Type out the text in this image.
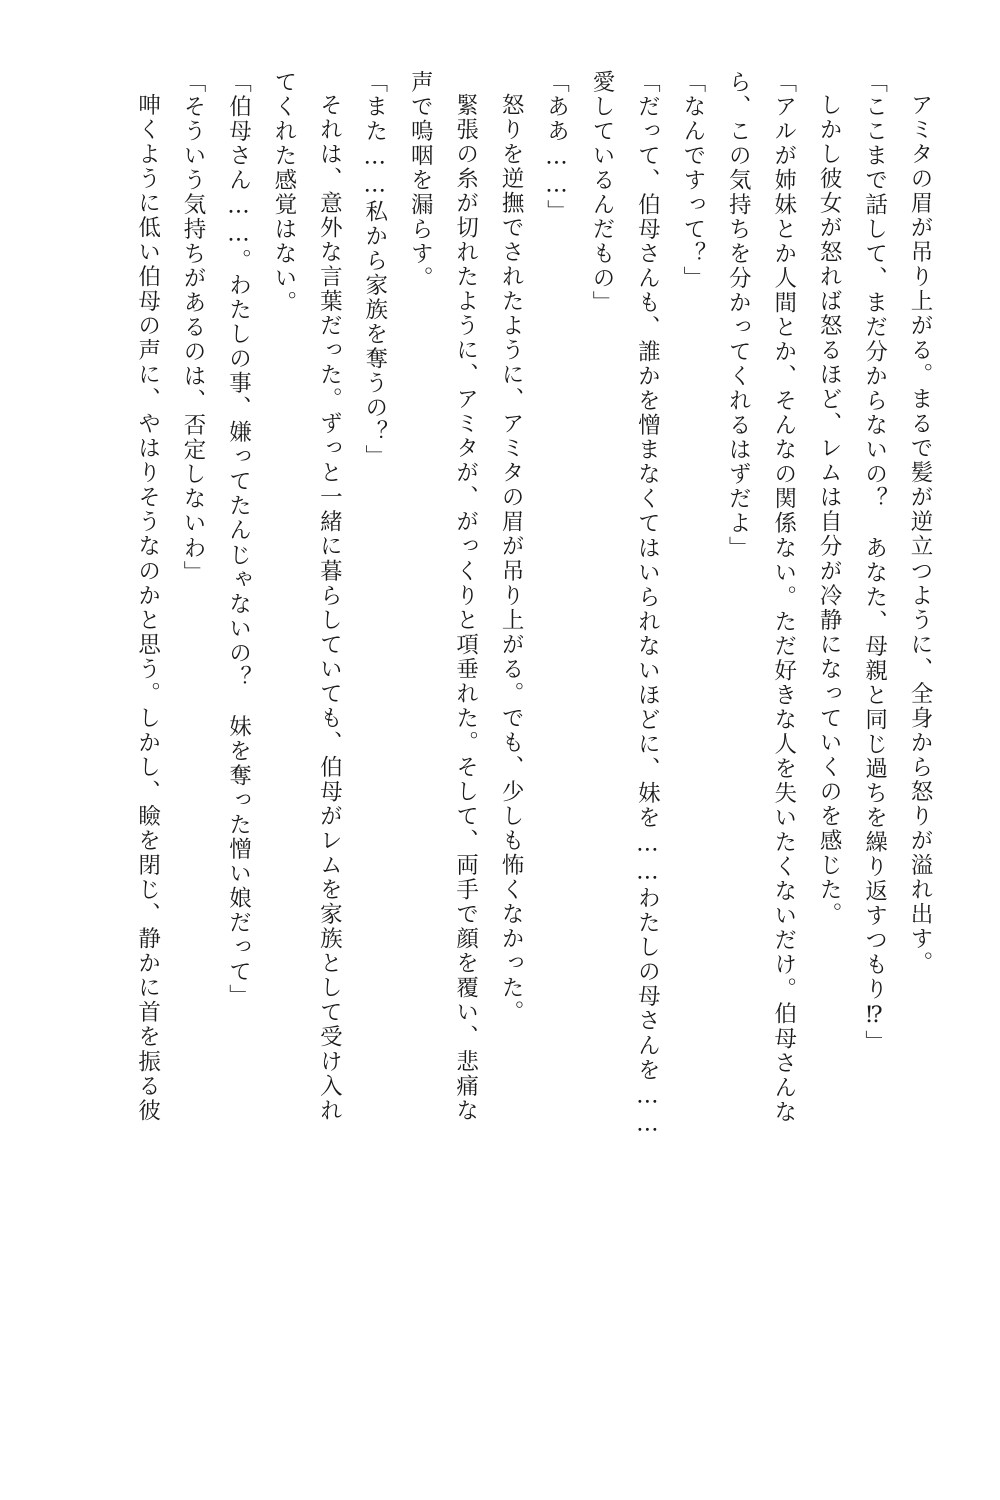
アミタの眉が吊り上がる。まるで髪が逆立つように、全身から怒りが溢れ出す。

「ここまで話して、まだ分からないの？　あなた、母親と同じ過ちを繰り返すつもり⁉」

しかし彼女が怒れば怒るほど、レムは自分が冷静になっていくのを感じた。

「アルが姉妹とか人間とか、そんなの関係ない。ただ好きな人を失いたくないだけ。伯母さんな

ら、この気持ちを分かってくれるはずだよ」

「なんですって？」

「だって、伯母さんも、誰かを憎まなくてはいられないほどに、妹を……わたしの母さんを……

愛しているんだもの」

「ああ……」

怒りを逆撫でされたように、アミタの眉が吊り上がる。でも、少しも怖くなかった。

緊張の糸が切れたように、アミタが、がっくりと項垂れた。そして、両手で顔を覆い、悲痛な

声で嗚咽を漏らす。

「また……私から家族を奪うの？」

それは、意外な言葉だった。ずっと一緒に暮らしていても、伯母がレムを家族として受け入れ

てくれた感覚はない。

「伯母さん……。わたしの事、嫌ってたんじゃないの？　妹を奪った憎い娘だって」

「そういう気持ちがあるのは、否定しないわ」

呻くように低い伯母の声に、やはりそうなのかと思う。しかし、瞼を閉じ、静かに首を振る彼
